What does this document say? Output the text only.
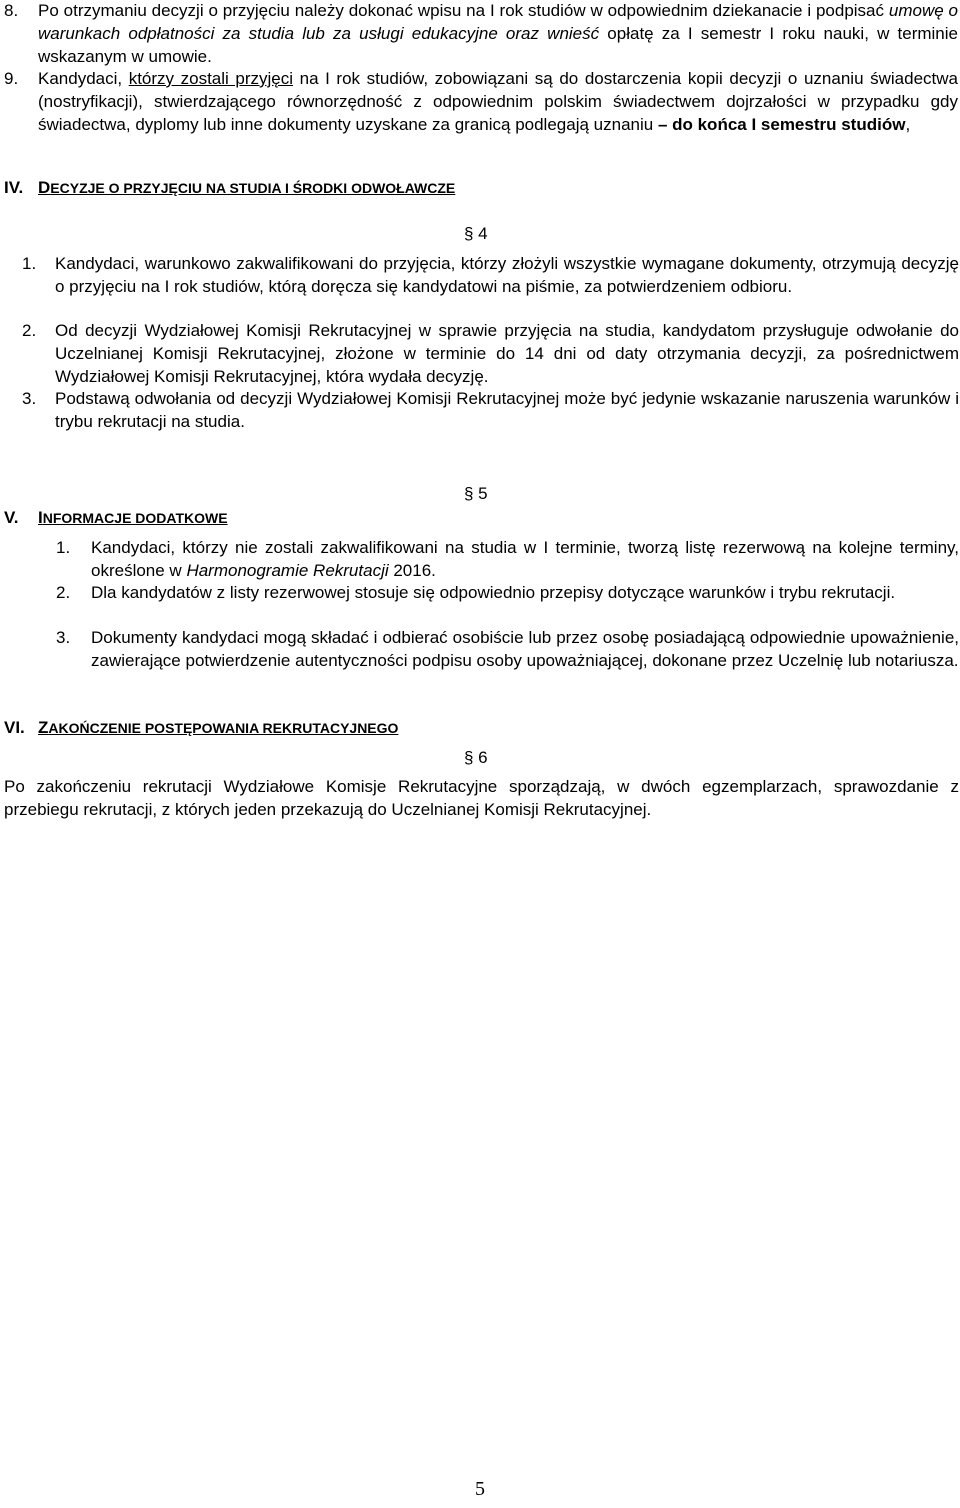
8. Po otrzymaniu decyzji o przyjęciu należy dokonać wpisu na I rok studiów w odpowiednim dziekanacie i podpisać umowę o warunkach odpłatności za studia lub za usługi edukacyjne oraz wnieść opłatę za I semestr I roku nauki, w terminie wskazanym w umowie.

9. Kandydaci, którzy zostali przyjęci na I rok studiów, zobowiązani są do dostarczenia kopii decyzji o uznaniu świadectwa (nostryfikacji), stwierdzającego równorzędność z odpowiednim polskim świadectwem dojrzałości w przypadku gdy świadectwa, dyplomy lub inne dokumenty uzyskane za granicą podlegają uznaniu – do końca I semestru studiów,

IV. DECYZJE O PRZYJĘCIU NA STUDIA I ŚRODKI ODWOŁAWCZE
§ 4
1. Kandydaci, warunkowo zakwalifikowani do przyjęcia, którzy złożyli wszystkie wymagane dokumenty, otrzymują decyzję o przyjęciu na I rok studiów, którą doręcza się kandydatowi na piśmie, za potwierdzeniem odbioru.

2. Od decyzji Wydziałowej Komisji Rekrutacyjnej w sprawie przyjęcia na studia, kandydatom przysługuje odwołanie do Uczelnianej Komisji Rekrutacyjnej, złożone w terminie do 14 dni od daty otrzymania decyzji, za pośrednictwem Wydziałowej Komisji Rekrutacyjnej, która wydała decyzję.

3. Podstawą odwołania od decyzji Wydziałowej Komisji Rekrutacyjnej może być jedynie wskazanie naruszenia warunków i trybu rekrutacji na studia.

§ 5
V. INFORMACJE DODATKOWE
1. Kandydaci, którzy nie zostali zakwalifikowani na studia w I terminie, tworzą listę rezerwową na kolejne terminy, określone w Harmonogramie Rekrutacji 2016.

2. Dla kandydatów z listy rezerwowej stosuje się odpowiednio przepisy dotyczące warunków i trybu rekrutacji.

3. Dokumenty kandydaci mogą składać i odbierać osobiście lub przez osobę posiadającą odpowiednie upoważnienie, zawierające potwierdzenie autentyczności podpisu osoby upoważniającej, dokonane przez Uczelnię lub notariusza.

VI. ZAKOŃCZENIE POSTĘPOWANIA REKRUTACYJNEGO
§ 6

Po zakończeniu rekrutacji Wydziałowe Komisje Rekrutacyjne sporządzają, w dwóch egzemplarzach, sprawozdanie z przebiegu rekrutacji, z których jeden przekazują do Uczelnianej Komisji Rekrutacyjnej.

5
